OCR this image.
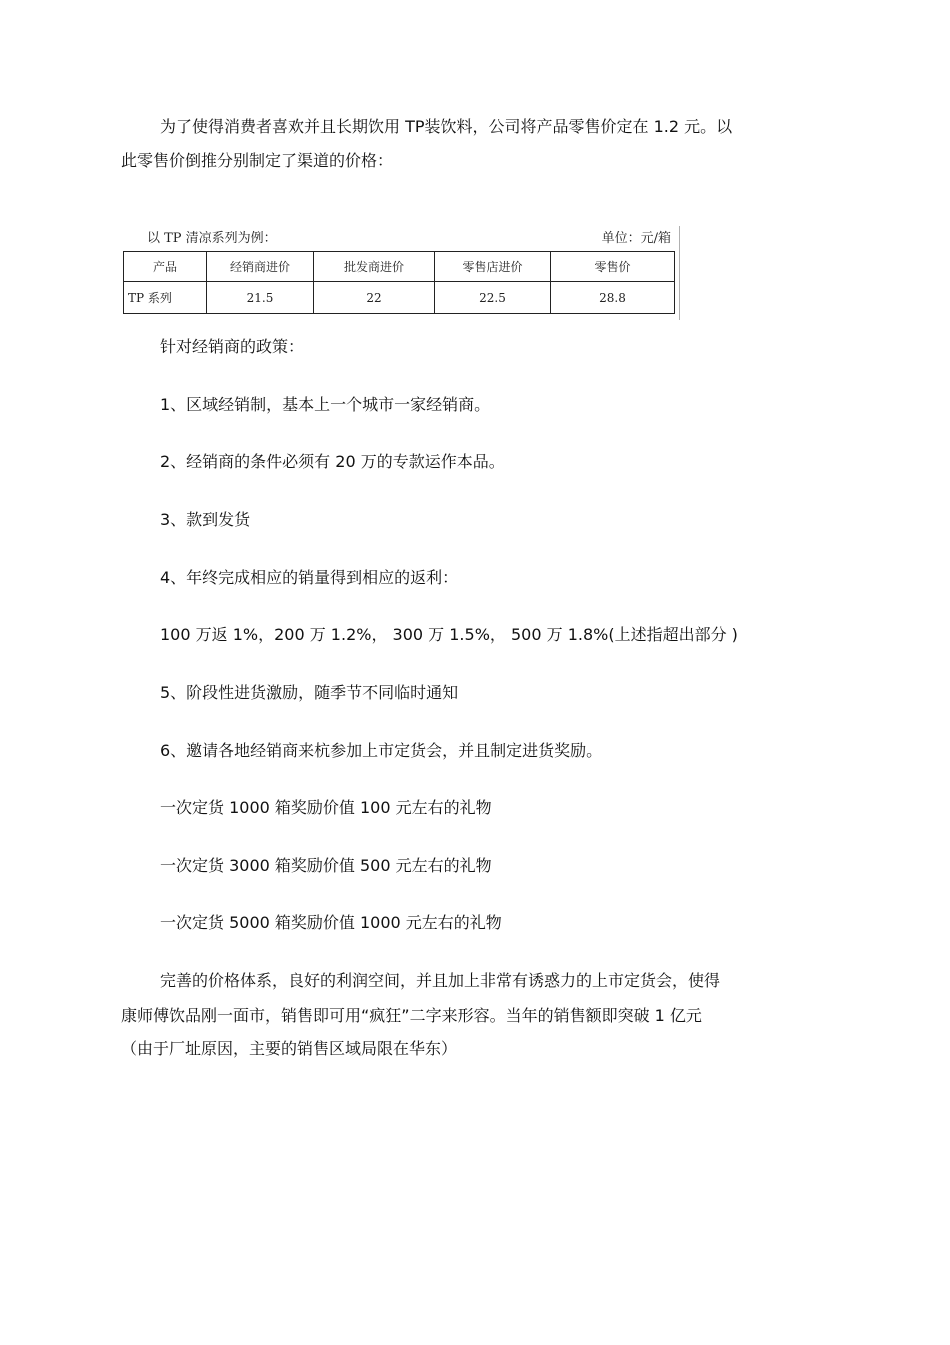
为了使得消费者喜欢并且长期饮用 TP装饮料，公司将产品零售价定在 1.2 元。以

此零售价倒推分别制定了渠道的价格：

以 TP 清凉系列为例：	单位：元/箱
产品	经销商进价	批发商进价	零售店进价	零售价
TP 系列	21.5	22	22.5	28.8

针对经销商的政策：

1、区域经销制，基本上一个城市一家经销商。

2、经销商的条件必须有 20 万的专款运作本品。

3、款到发货

4、年终完成相应的销量得到相应的返利：

100 万返 1%，200 万 1.2%， 300 万 1.5%， 500 万 1.8%(上述指超出部分 )

5、阶段性进货激励，随季节不同临时通知

6、邀请各地经销商来杭参加上市定货会，并且制定进货奖励。

一次定货 1000 箱奖励价值 100 元左右的礼物

一次定货 3000 箱奖励价值 500 元左右的礼物

一次定货 5000 箱奖励价值 1000 元左右的礼物

完善的价格体系，良好的利润空间，并且加上非常有诱惑力的上市定货会，使得

康师傅饮品刚一面市，销售即可用“疯狂”二字来形容。当年的销售额即突破 1 亿元

（由于厂址原因，主要的销售区域局限在华东）
